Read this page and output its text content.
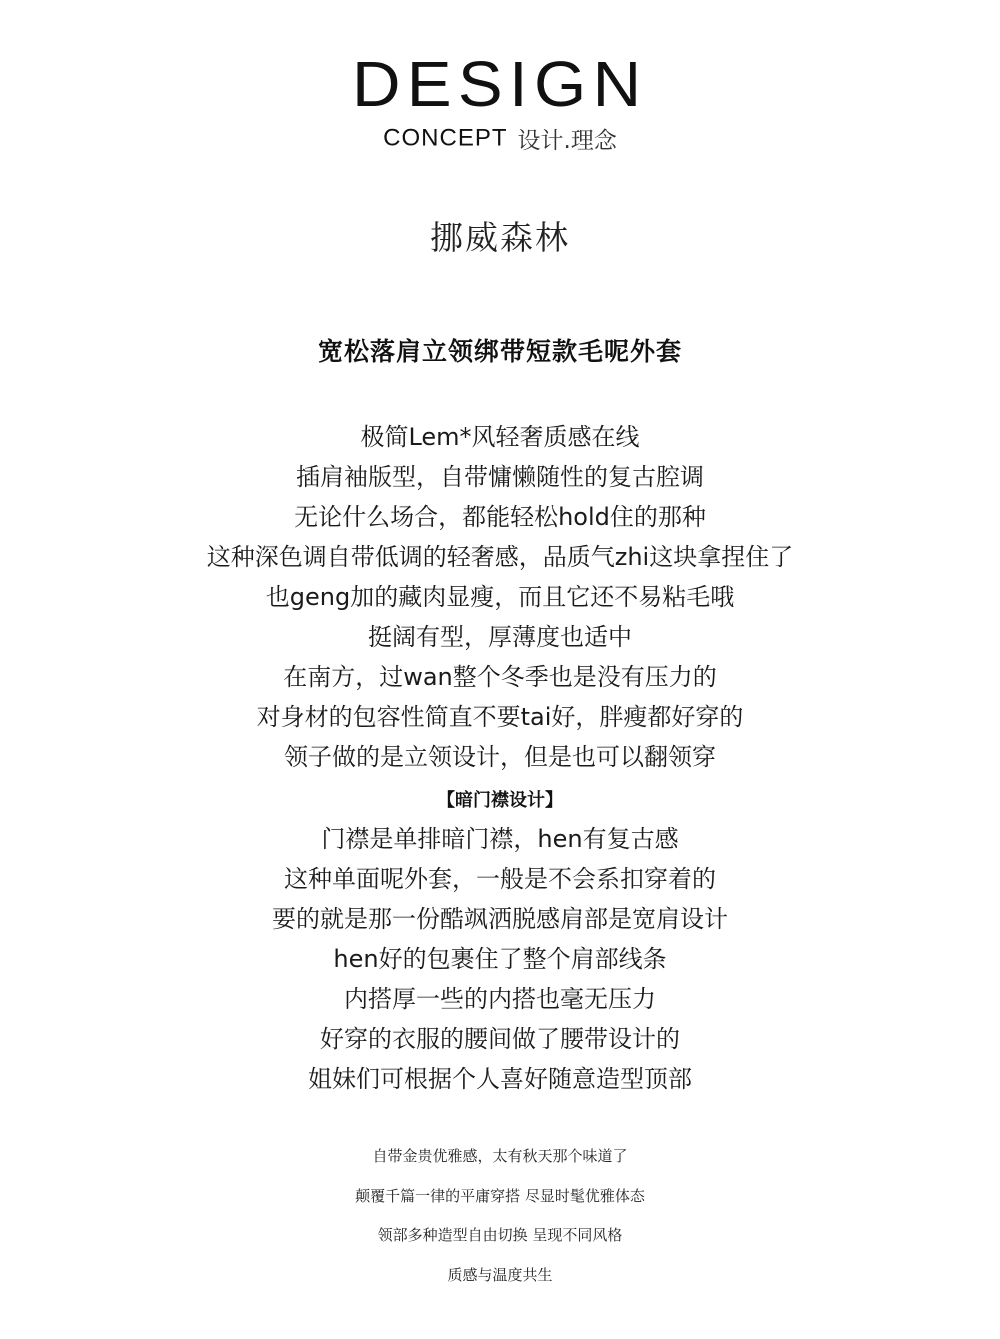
DESIGN
CONCEPT 设计.理念
挪威森林
宽松落肩立领绑带短款毛呢外套
极简Lem*风轻奢质感在线
插肩袖版型，自带慵懒随性的复古腔调
无论什么场合，都能轻松hold住的那种
这种深色调自带低调的轻奢感，品质气zhi这块拿捏住了
也geng加的藏肉显瘦，而且它还不易粘毛哦
挺阔有型，厚薄度也适中
在南方，过wan整个冬季也是没有压力的
对身材的包容性简直不要tai好，胖瘦都好穿的
领子做的是立领设计，但是也可以翻领穿
【暗门襟设计】
门襟是单排暗门襟，hen有复古感
这种单面呢外套，一般是不会系扣穿着的
要的就是那一份酷飒洒脱感肩部是宽肩设计
hen好的包裹住了整个肩部线条
内搭厚一些的内搭也毫无压力
好穿的衣服的腰间做了腰带设计的
姐妹们可根据个人喜好随意造型顶部
自带金贵优雅感，太有秋天那个味道了
颠覆千篇一律的平庸穿搭 尽显时髦优雅体态
领部多种造型自由切换 呈现不同风格
质感与温度共生
